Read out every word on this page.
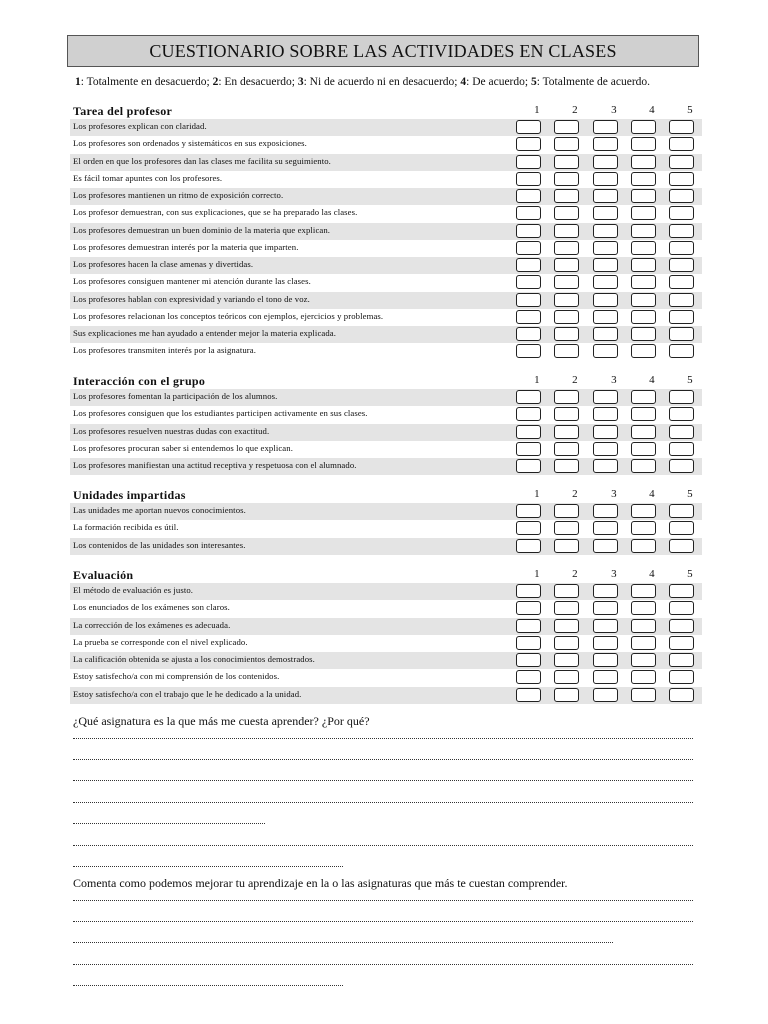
CUESTIONARIO SOBRE LAS ACTIVIDADES EN CLASES
1: Totalmente en desacuerdo; 2: En desacuerdo; 3: Ni de acuerdo ni en desacuerdo; 4: De acuerdo; 5: Totalmente de acuerdo.
Tarea del profesor	1	2	3	4	5
Los profesores explican con claridad.
Los profesores son ordenados y sistemáticos en sus exposiciones.
El orden en que los profesores dan las clases me facilita su seguimiento.
Es fácil tomar apuntes con los profesores.
Los profesores mantienen un ritmo de exposición correcto.
Los profesor demuestran, con sus explicaciones, que se ha preparado las clases.
Los profesores demuestran un buen dominio de la materia que explican.
Los profesores demuestran interés por la materia que imparten.
Los profesores hacen la clase amenas y divertidas.
Los profesores consiguen mantener mi atención durante las clases.
Los profesores hablan con expresividad y variando el tono de voz.
Los profesores relacionan los conceptos teóricos con ejemplos, ejercicios y problemas.
Sus explicaciones me han ayudado a entender mejor la materia explicada.
Los profesores transmiten interés por la asignatura.
Interacción con el grupo	1	2	3	4	5
Los profesores fomentan la participación de los alumnos.
Los profesores consiguen que los estudiantes participen activamente en sus clases.
Los profesores resuelven nuestras dudas con exactitud.
Los profesores procuran saber si entendemos lo que explican.
Los profesores manifiestan una actitud receptiva y respetuosa con el alumnado.
Unidades impartidas	1	2	3	4	5
Las unidades me aportan nuevos conocimientos.
La formación recibida es útil.
Los contenidos de las unidades son interesantes.
Evaluación	1	2	3	4	5
El método de evaluación es justo.
Los enunciados de los exámenes son claros.
La corrección de los exámenes es adecuada.
La prueba se corresponde con el nivel explicado.
La calificación obtenida se ajusta a los conocimientos demostrados.
Estoy satisfecho/a con mi comprensión de los contenidos.
Estoy satisfecho/a con el trabajo que le he dedicado a la unidad.
¿Qué asignatura es la que más me cuesta aprender? ¿Por qué?
Comenta como podemos mejorar tu aprendizaje en la o las asignaturas que más te cuestan comprender.
